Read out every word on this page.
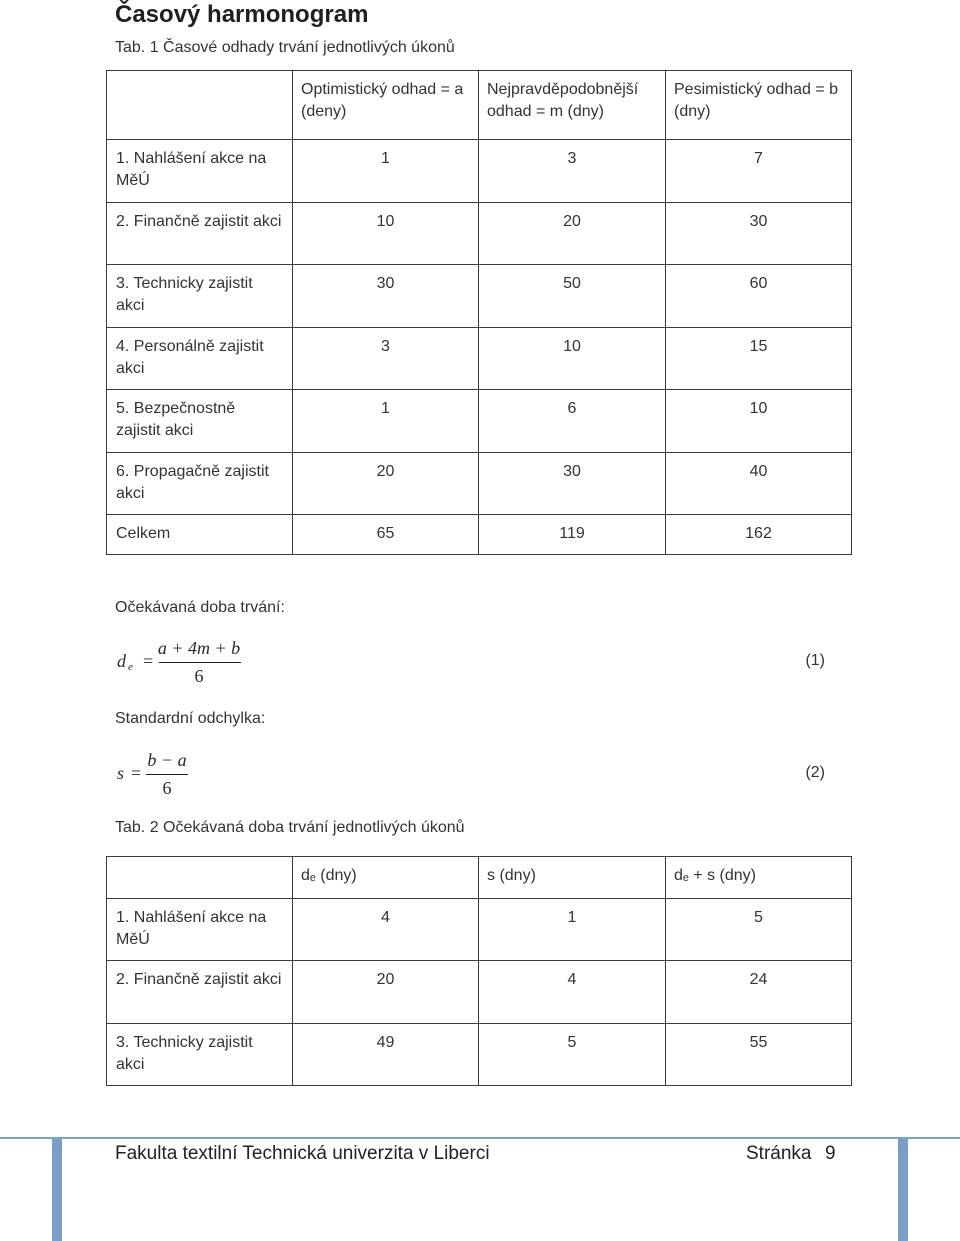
Časový harmonogram
Tab. 1 Časové odhady trvání jednotlivých úkonů
	Optimistický odhad = a (deny)	Nejpravděpodobnější odhad = m (dny)	Pesimistický odhad = b (dny)
1. Nahlášení akce na MěÚ	1	3	7
2. Finančně zajistit akci	10	20	30
3. Technicky zajistit akci	30	50	60
4. Personálně zajistit akci	3	10	15
5. Bezpečnostně zajistit akci	1	6	10
6. Propagačně zajistit akci	20	30	40
Celkem	65	119	162
Očekávaná doba trvání:
d e =
a + 4m + b
6
(1)
Standardní odchylka:
s =
b − a
6
(2)
Tab. 2 Očekávaná doba trvání jednotlivých úkonů
	dₑ (dny)	s (dny)	dₑ + s (dny)
1. Nahlášení akce na MěÚ	4	1	5
2. Finančně zajistit akci	20	4	24
3. Technicky zajistit akci	49	5	55
Fakulta textilní Technická univerzita v Liberci	Stránka 9
